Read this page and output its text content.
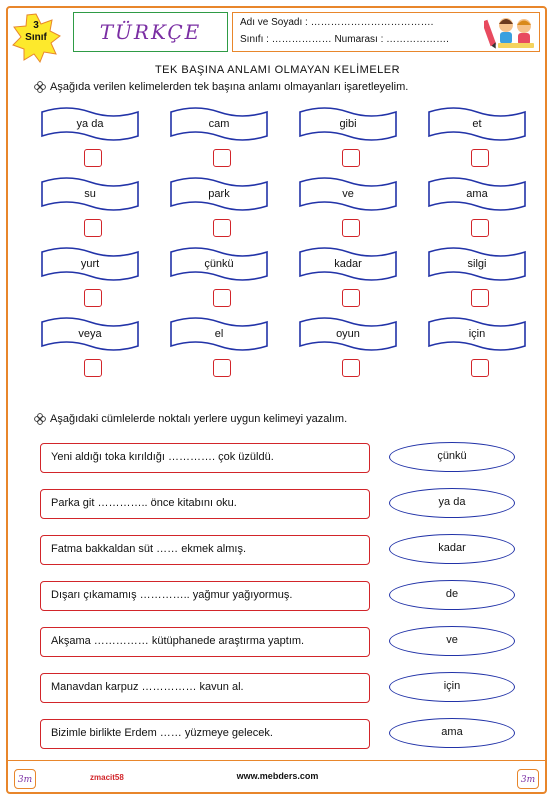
3
Sınıf	TÜRKÇE	Adı ve Soyadı : ……………………………….
Sınıfı : ……………… Numarası : ……………….
TEK BAŞINA ANLAMI OLMAYAN KELİMELER
Aşağıda verilen kelimelerden tek başına anlamı olmayanları işaretleyelim.
ya da	cam	gibi	et
su	park	ve	ama
yurt	çünkü	kadar	silgi
veya	el	oyun	için
Aşağıdaki cümlelerde noktalı yerlere uygun kelimeyi yazalım.
Yeni aldığı toka kırıldığı …………. çok üzüldü.
Parka git ………….. önce kitabını oku.
Fatma bakkaldan süt …… ekmek almış.
Dışarı çıkamamış ………….. yağmur yağıyormuş.
Akşama …………… kütüphanede araştırma yaptım.
Manavdan karpuz …………… kavun al.
Bizimle birlikte Erdem …… yüzmeye gelecek.
çünkü
ya da
kadar
de
ve
için
ama
3m	zmacit58	www.mebders.com	3m
